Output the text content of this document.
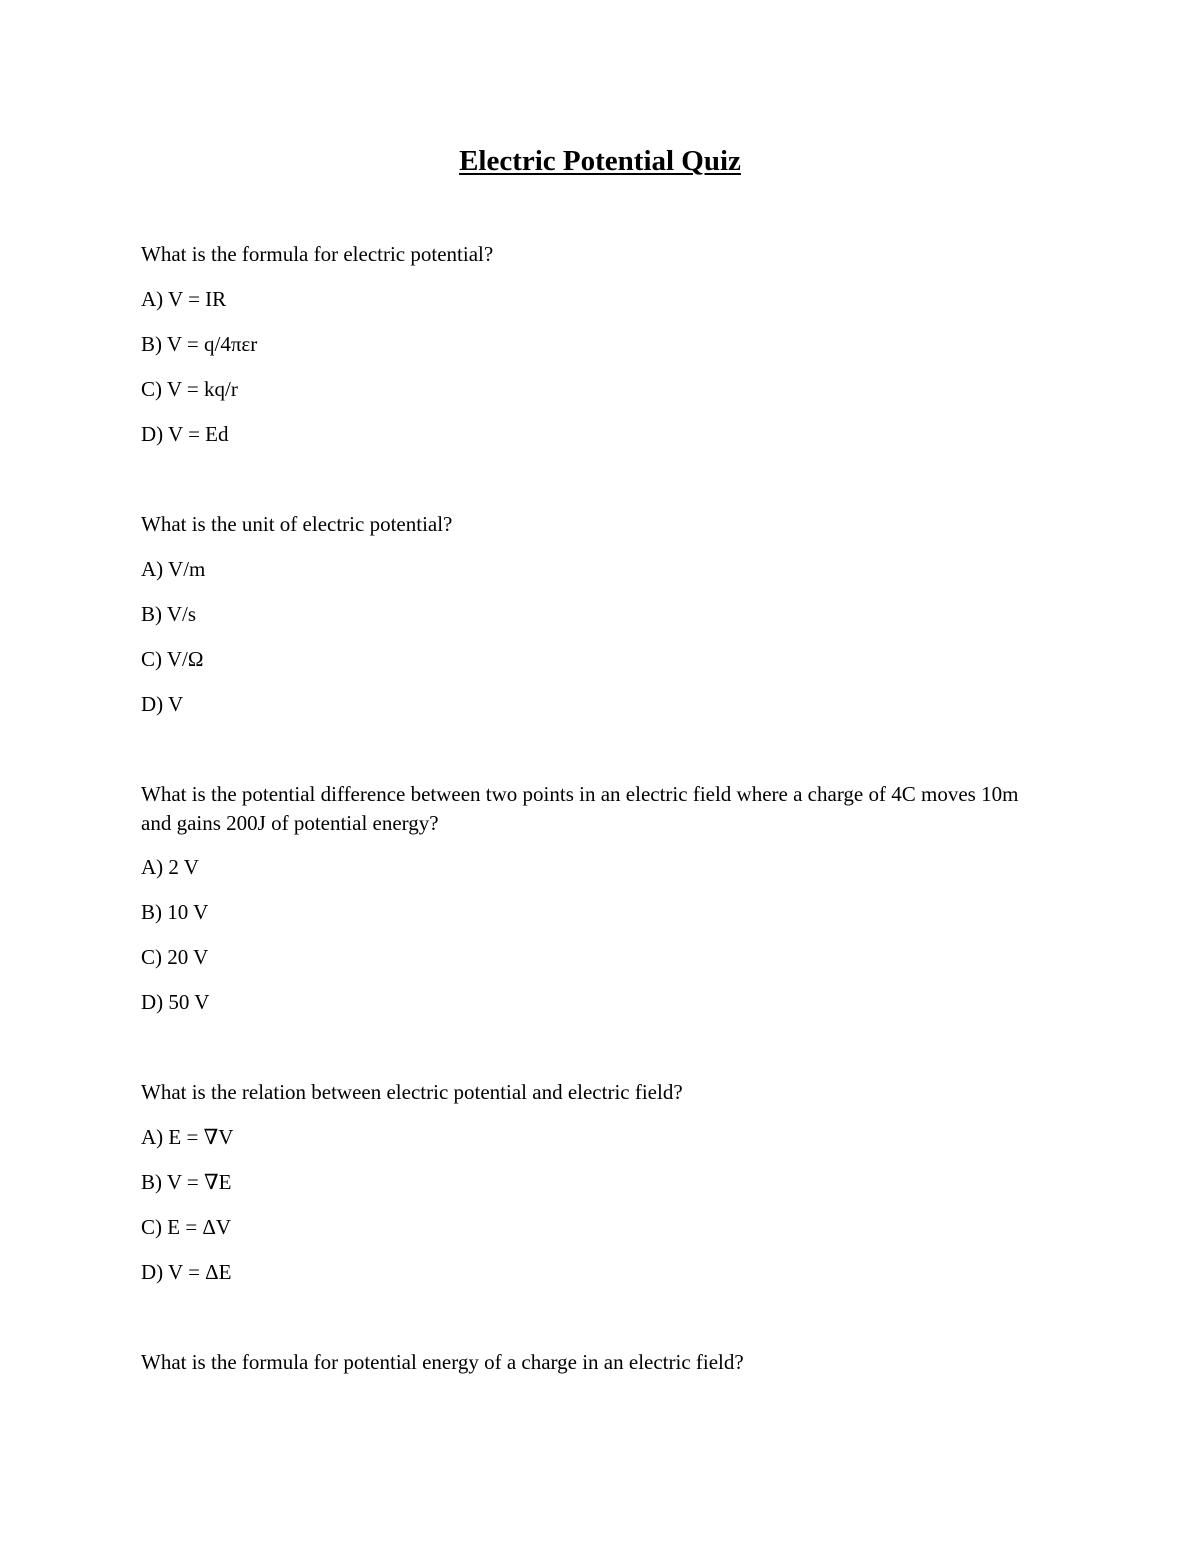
Electric Potential Quiz
What is the formula for electric potential?
A) V = IR
B) V = q/4πεr
C) V = kq/r
D) V = Ed
What is the unit of electric potential?
A) V/m
B) V/s
C) V/Ω
D) V
What is the potential difference between two points in an electric field where a charge of 4C moves 10m and gains 200J of potential energy?
A) 2 V
B) 10 V
C) 20 V
D) 50 V
What is the relation between electric potential and electric field?
A) E = ∇V
B) V = ∇E
C) E = ΔV
D) V = ΔE
What is the formula for potential energy of a charge in an electric field?
